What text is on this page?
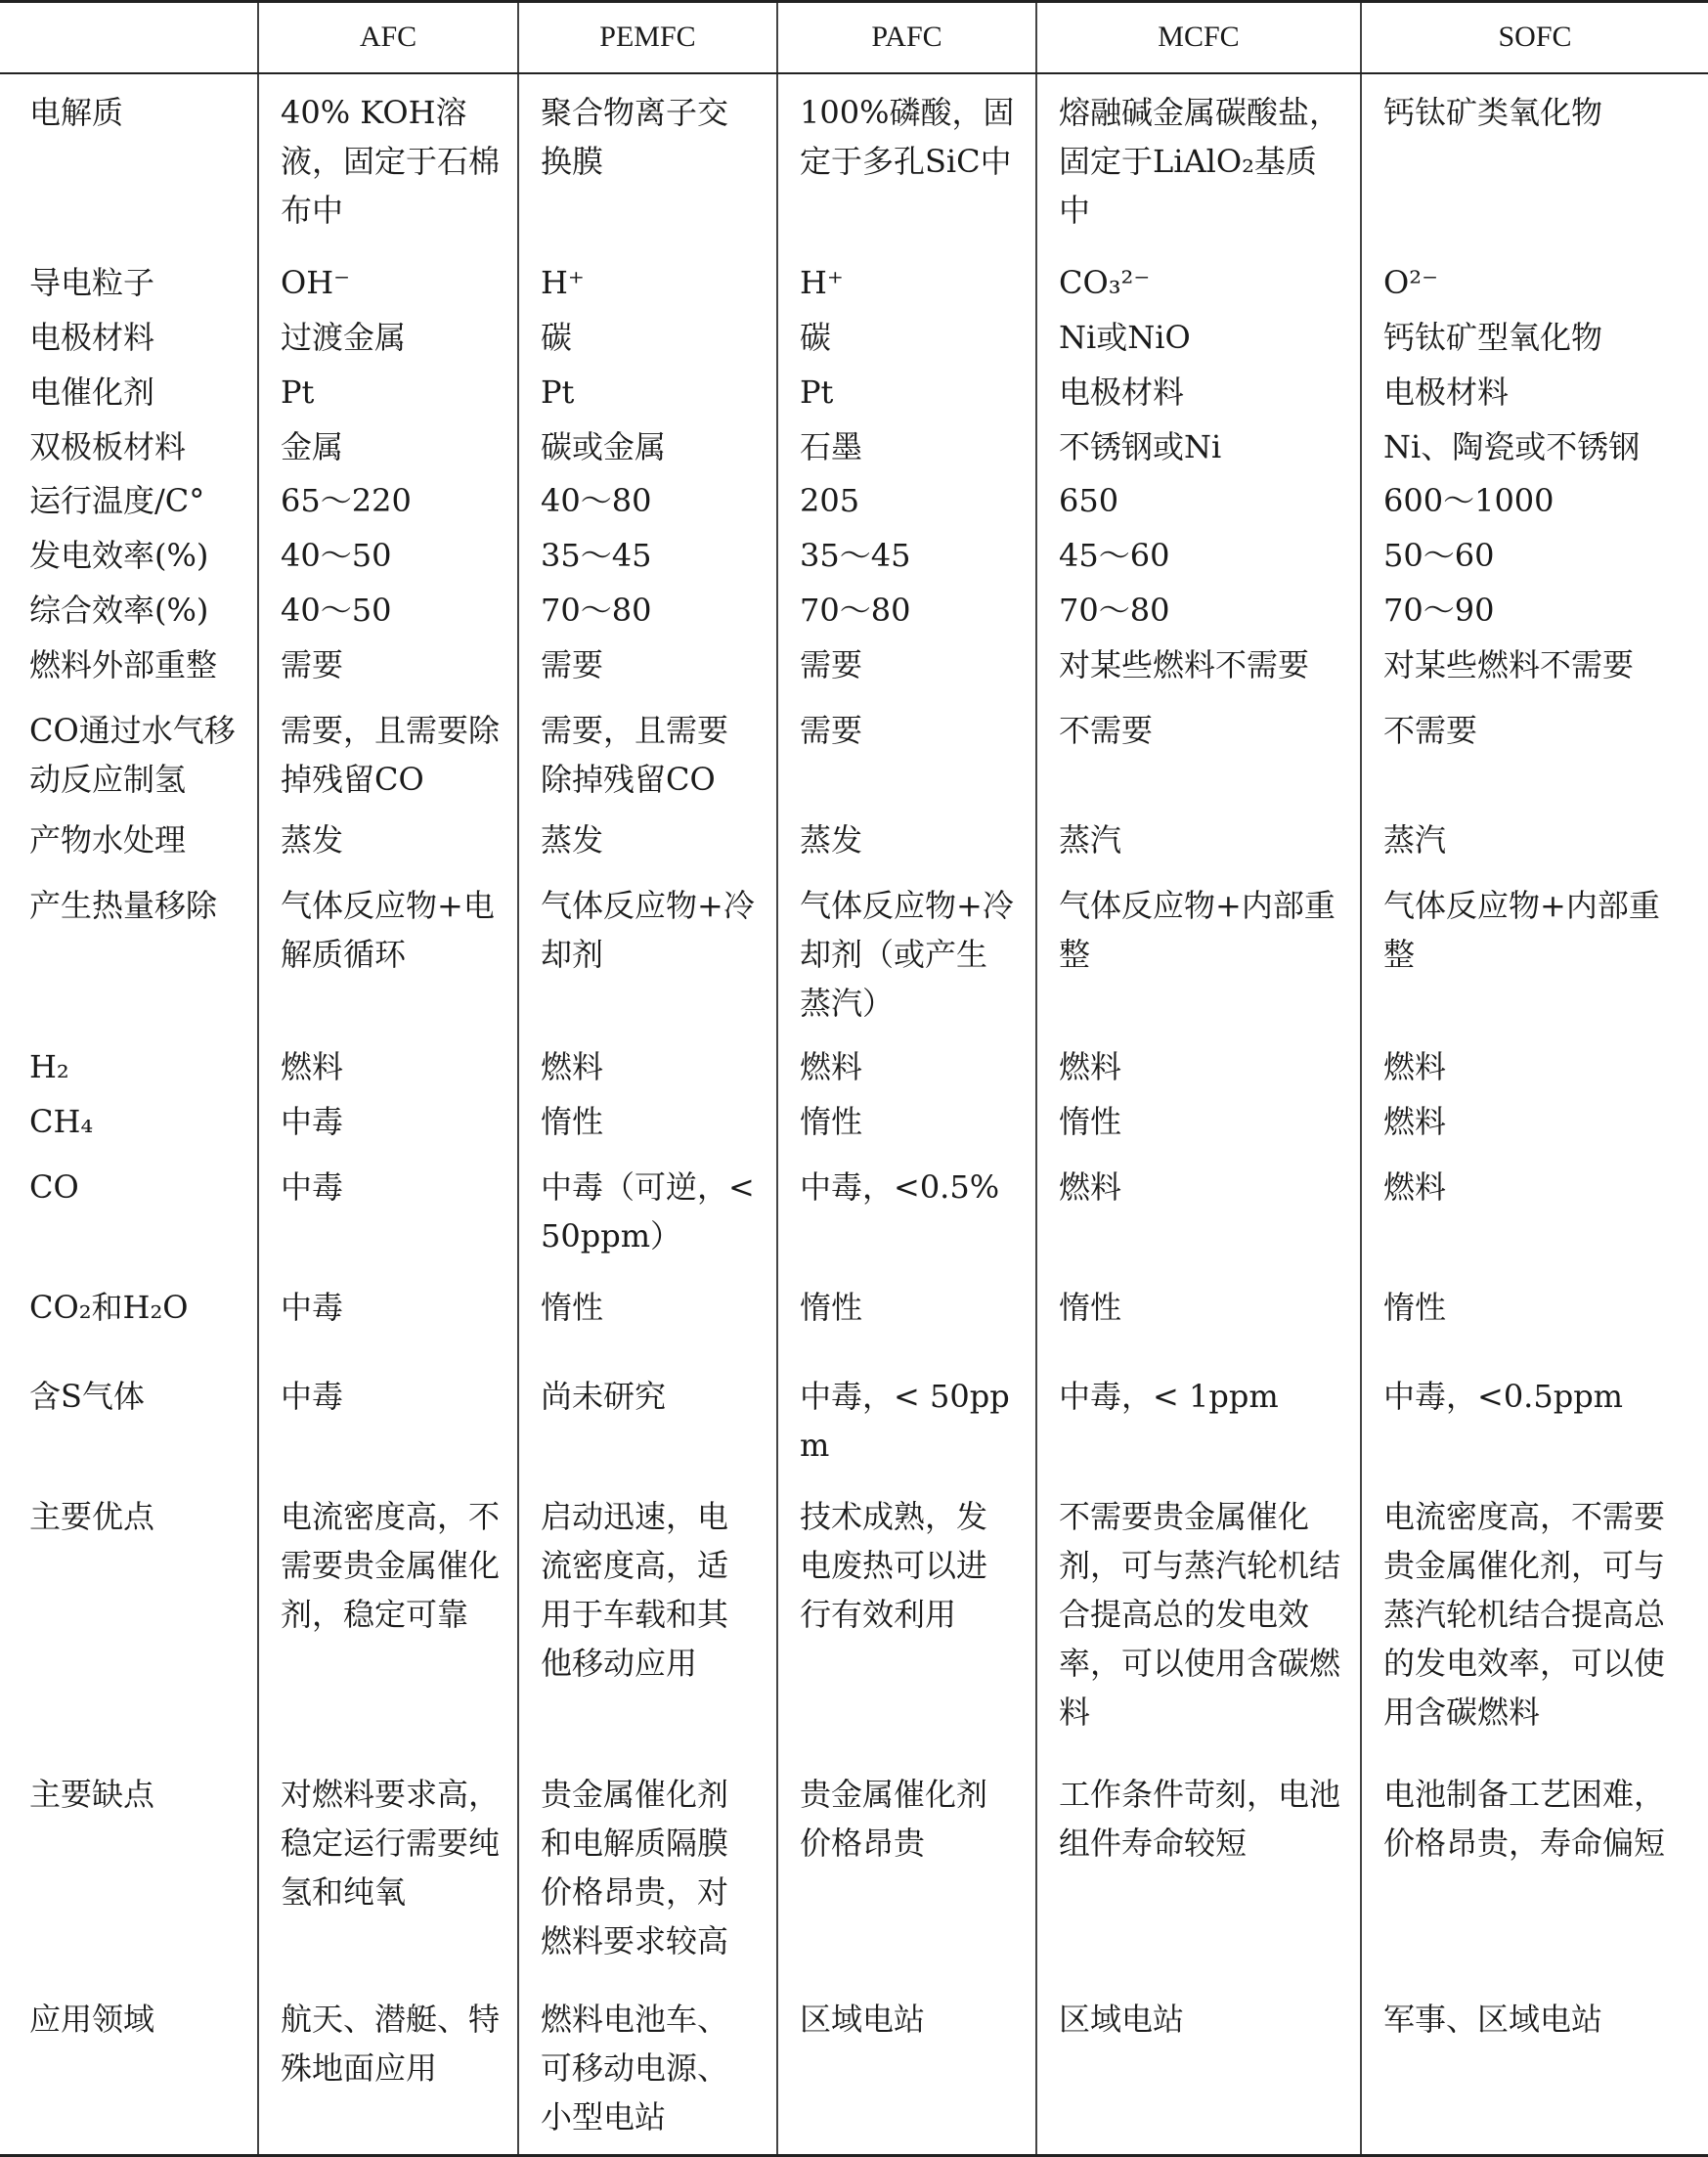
	AFC	PEMFC	PAFC	MCFC	SOFC
电解质	40% KOH溶液，固定于石棉布中	聚合物离子交换膜	100%磷酸，固定于多孔SiC中	熔融碱金属碳酸盐，固定于LiAlO₂基质中	钙钛矿类氧化物
导电粒子	OH⁻	H⁺	H⁺	CO₃²⁻	O²⁻
电极材料	过渡金属	碳	碳	Ni或NiO	钙钛矿型氧化物
电催化剂	Pt	Pt	Pt	电极材料	电极材料
双极板材料	金属	碳或金属	石墨	不锈钢或Ni	Ni、陶瓷或不锈钢
运行温度/C°	65～220	40～80	205	650	600～1000
发电效率(%)	40～50	35～45	35～45	45～60	50～60
综合效率(%)	40～50	70～80	70～80	70～80	70～90
燃料外部重整	需要	需要	需要	对某些燃料不需要	对某些燃料不需要
CO通过水气移动反应制氢	需要，且需要除掉残留CO	需要，且需要除掉残留CO	需要	不需要	不需要
产物水处理	蒸发	蒸发	蒸发	蒸汽	蒸汽
产生热量移除	气体反应物+电解质循环	气体反应物+冷却剂	气体反应物+冷却剂（或产生蒸汽）	气体反应物+内部重整	气体反应物+内部重整
H₂	燃料	燃料	燃料	燃料	燃料
CH₄	中毒	惰性	惰性	惰性	燃料
CO	中毒	中毒（可逆，<50ppm）	中毒，<0.5%	燃料	燃料
CO₂和H₂O	中毒	惰性	惰性	惰性	惰性
含S气体	中毒	尚未研究	中毒，< 50ppm	中毒，< 1ppm	中毒，<0.5ppm
主要优点	电流密度高，不需要贵金属催化剂，稳定可靠	启动迅速，电流密度高，适用于车载和其他移动应用	技术成熟，发电废热可以进行有效利用	不需要贵金属催化剂，可与蒸汽轮机结合提高总的发电效率，可以使用含碳燃料	电流密度高，不需要贵金属催化剂，可与蒸汽轮机结合提高总的发电效率，可以使用含碳燃料
主要缺点	对燃料要求高，稳定运行需要纯氢和纯氧	贵金属催化剂和电解质隔膜价格昂贵，对燃料要求较高	贵金属催化剂价格昂贵	工作条件苛刻，电池组件寿命较短	电池制备工艺困难，价格昂贵，寿命偏短
应用领域	航天、潜艇、特殊地面应用	燃料电池车、可移动电源、小型电站	区域电站	区域电站	军事、区域电站
